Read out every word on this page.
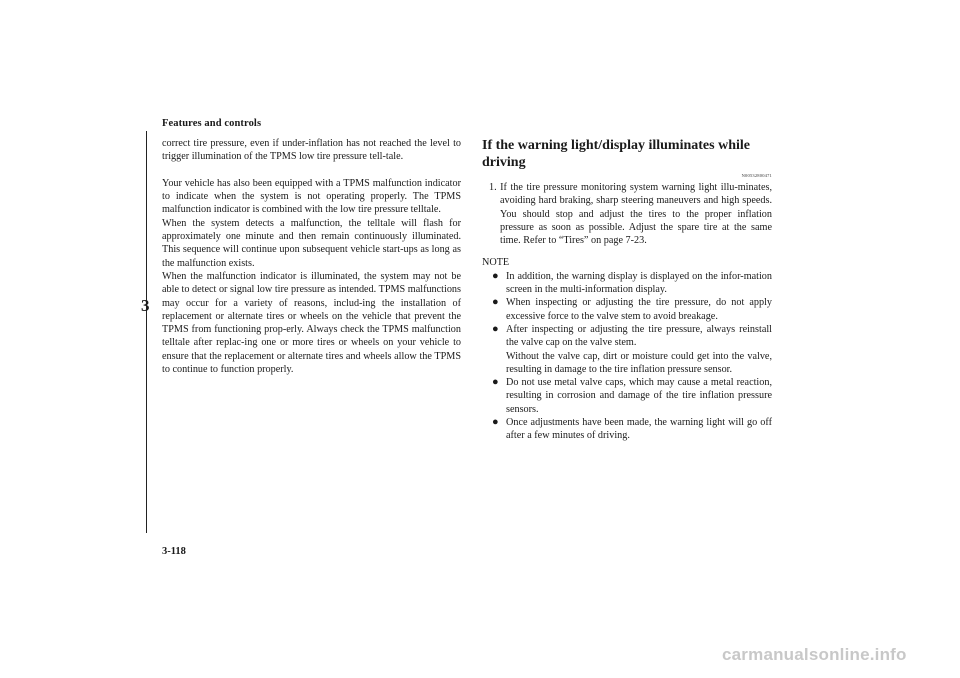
Features and controls
3

correct tire pressure, even if under-inflation has not reached the level to trigger illumination of the TPMS low tire pressure tell-tale.

Your vehicle has also been equipped with a TPMS malfunction indicator to indicate when the system is not operating properly. The TPMS malfunction indicator is combined with the low tire pressure telltale.

When the system detects a malfunction, the telltale will flash for approximately one minute and then remain continuously illuminated. This sequence will continue upon subsequent vehicle start-ups as long as the malfunction exists.

When the malfunction indicator is illuminated, the system may not be able to detect or signal low tire pressure as intended. TPMS malfunctions may occur for a variety of reasons, includ-ing the installation of replacement or alternate tires or wheels on the vehicle that prevent the TPMS from functioning prop-erly. Always check the TPMS malfunction telltale after replac-ing one or more tires or wheels on your vehicle to ensure that the replacement or alternate tires and wheels allow the TPMS to continue to function properly.

If the warning light/display illuminates while driving
N00532800471

1. If the tire pressure monitoring system warning light illu-minates, avoiding hard braking, sharp steering maneuvers and high speeds. You should stop and adjust the tires to the proper inflation pressure as soon as possible. Adjust the spare tire at the same time. Refer to “Tires” on page 7-23.

NOTE
● In addition, the warning display is displayed on the infor-mation screen in the multi-information display.
● When inspecting or adjusting the tire pressure, do not apply excessive force to the valve stem to avoid breakage.
● After inspecting or adjusting the tire pressure, always reinstall the valve cap on the valve stem.
Without the valve cap, dirt or moisture could get into the valve, resulting in damage to the tire inflation pressure sensor.
● Do not use metal valve caps, which may cause a metal reaction, resulting in corrosion and damage of the tire inflation pressure sensors.
● Once adjustments have been made, the warning light will go off after a few minutes of driving.
3-118
carmanualsonline.info
